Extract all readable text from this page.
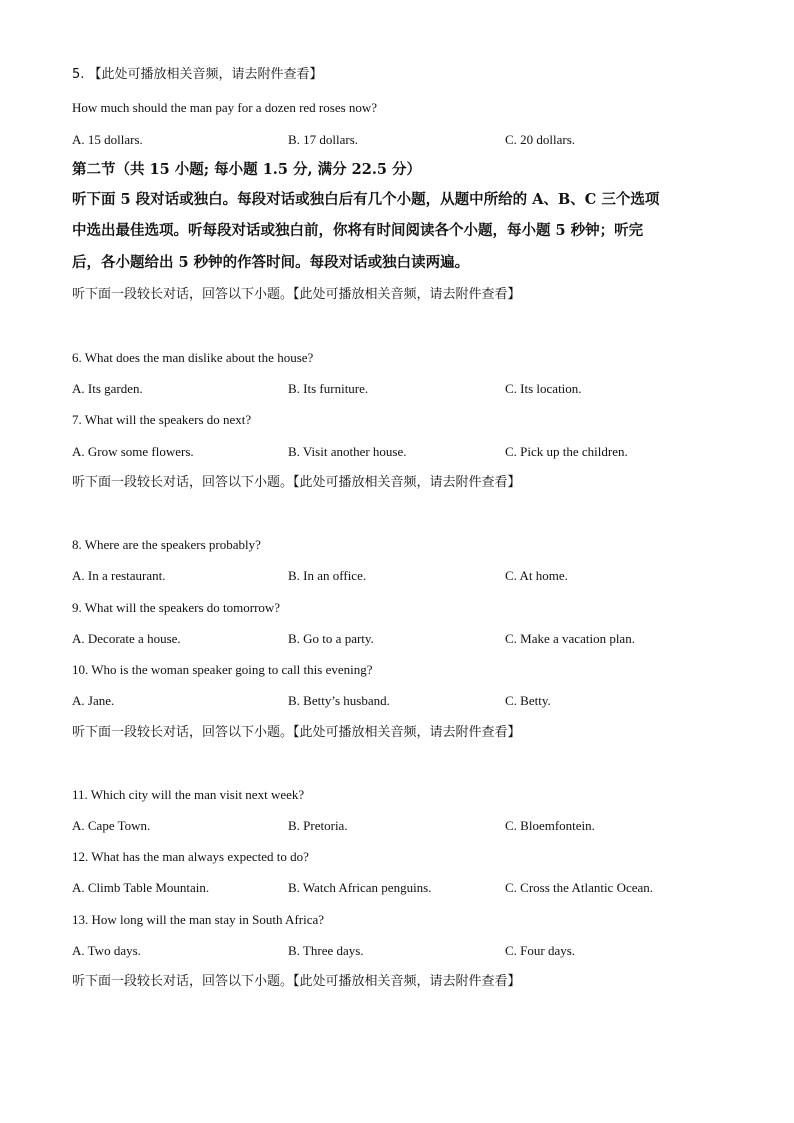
5. 【此处可播放相关音频，请去附件查看】
How much should the man pay for a dozen red roses now?
A. 15 dollars.	B. 17 dollars.	C. 20 dollars.
第二节（共 15 小题; 每小题 1.5 分, 满分 22.5 分）
听下面 5 段对话或独白。每段对话或独白后有几个小题，从题中所给的 A、B、C 三个选项
中选出最佳选项。听每段对话或独白前，你将有时间阅读各个小题，每小题 5 秒钟；听完
后，各小题给出 5 秒钟的作答时间。每段对话或独白读两遍。
听下面一段较长对话，回答以下小题。【此处可播放相关音频，请去附件查看】
6. What does the man dislike about the house?
A. Its garden.	B. Its furniture.	C. Its location.
7. What will the speakers do next?
A. Grow some flowers.	B. Visit another house.	C. Pick up the children.
听下面一段较长对话，回答以下小题。【此处可播放相关音频，请去附件查看】
8. Where are the speakers probably?
A. In a restaurant.	B. In an office.	C. At home.
9. What will the speakers do tomorrow?
A. Decorate a house.	B. Go to a party.	C. Make a vacation plan.
10. Who is the woman speaker going to call this evening?
A. Jane.	B. Betty’s husband.	C. Betty.
听下面一段较长对话，回答以下小题。【此处可播放相关音频，请去附件查看】
11. Which city will the man visit next week?
A. Cape Town.	B. Pretoria.	C. Bloemfontein.
12. What has the man always expected to do?
A. Climb Table Mountain.	B. Watch African penguins.	C. Cross the Atlantic Ocean.
13. How long will the man stay in South Africa?
A. Two days.	B. Three days.	C. Four days.
听下面一段较长对话，回答以下小题。【此处可播放相关音频，请去附件查看】
